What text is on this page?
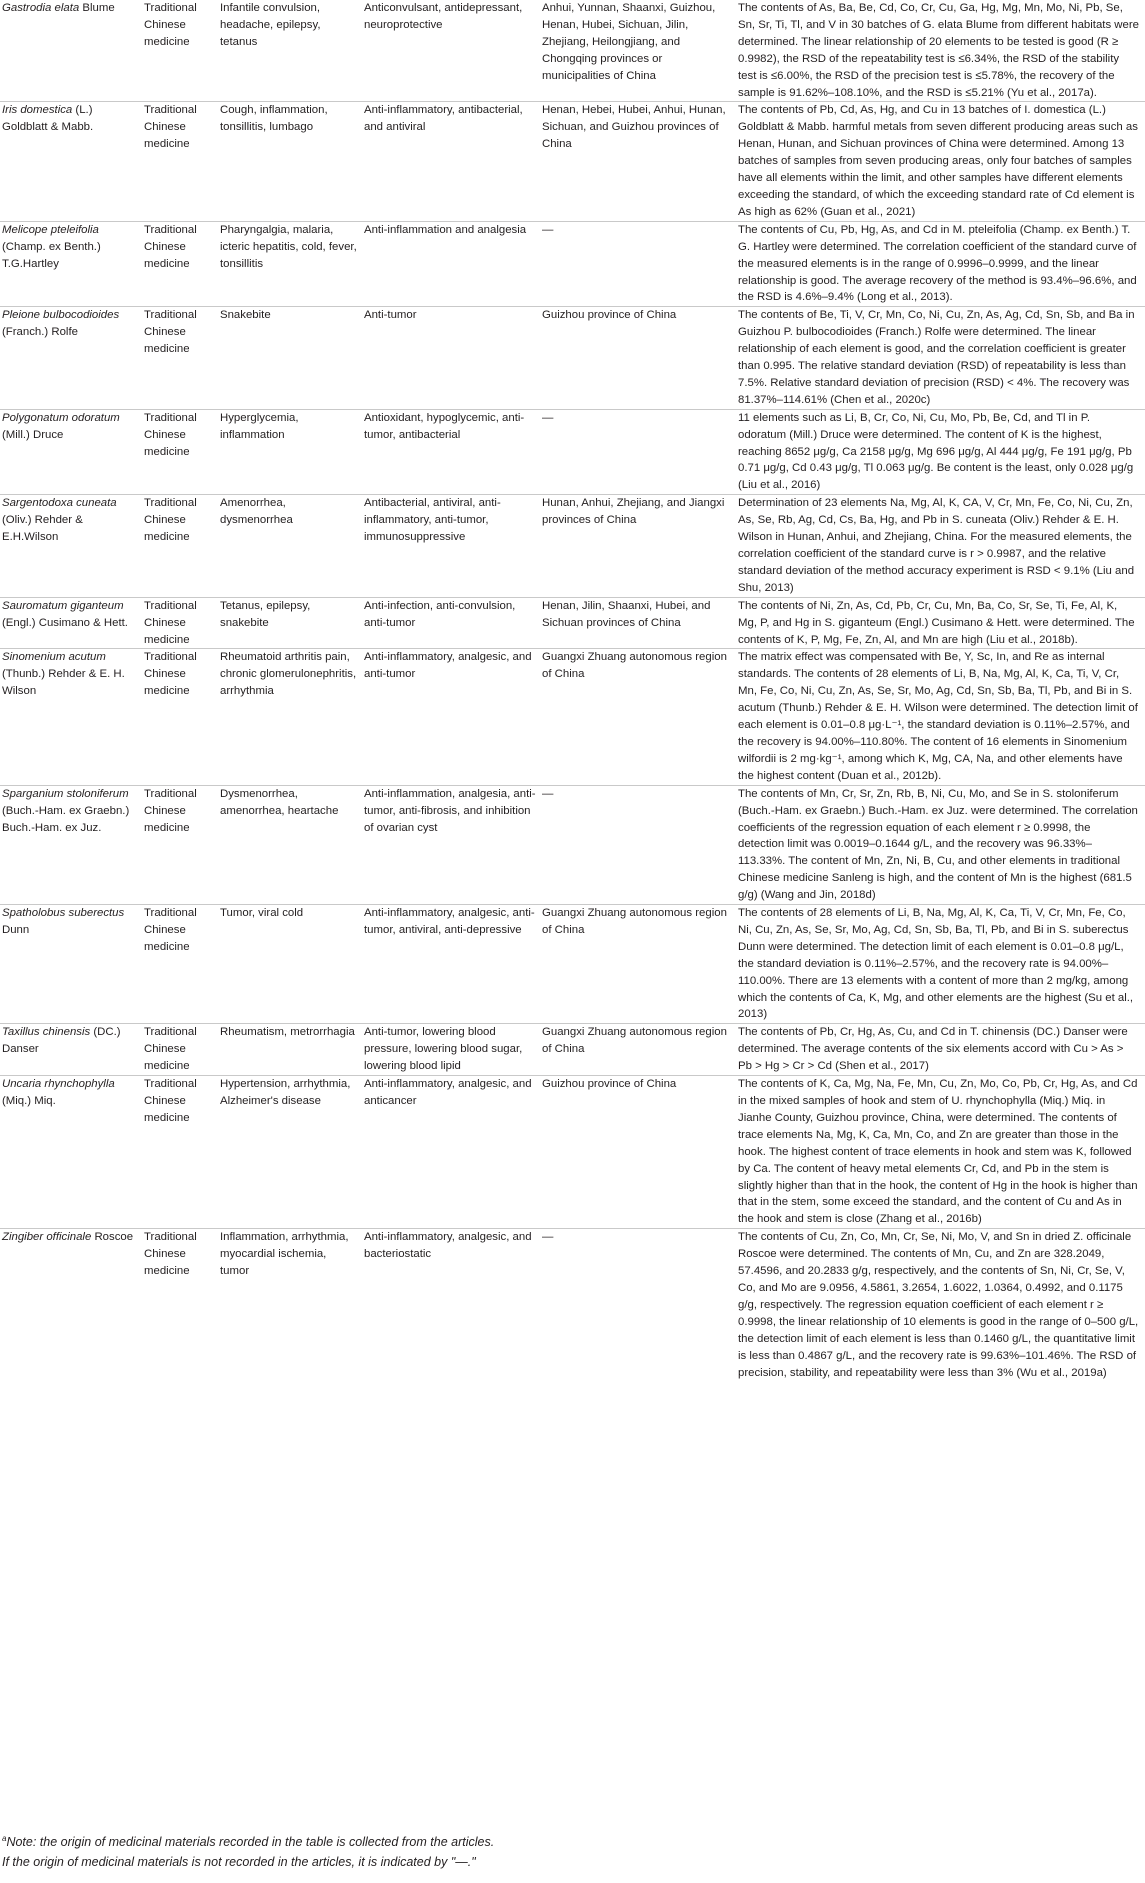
Gastrodia elata Blume	Traditional Chinese medicine	Infantile convulsion, headache, epilepsy, tetanus	Anticonvulsant, antidepressant, neuroprotective	Anhui, Yunnan, Shaanxi, Guizhou, Henan, Hubei, Sichuan, Jilin, Zhejiang, Heilongjiang, and Chongqing provinces or municipalities of China	The contents of As, Ba, Be, Cd, Co, Cr, Cu, Ga, Hg, Mg, Mn, Mo, Ni, Pb, Se, Sn, Sr, Ti, Tl, and V in 30 batches of G. elata Blume from different habitats were determined. The linear relationship of 20 elements to be tested is good (R ≥ 0.9982), the RSD of the repeatability test is ≤6.34%, the RSD of the stability test is ≤6.00%, the RSD of the precision test is ≤5.78%, the recovery of the sample is 91.62%–108.10%, and the RSD is ≤5.21% (Yu et al., 2017a).
Iris domestica (L.) Goldblatt & Mabb.	Traditional Chinese medicine	Cough, inflammation, tonsillitis, lumbago	Anti-inflammatory, antibacterial, and antiviral	Henan, Hebei, Hubei, Anhui, Hunan, Sichuan, and Guizhou provinces of China	The contents of Pb, Cd, As, Hg, and Cu in 13 batches of I. domestica (L.) Goldblatt & Mabb. harmful metals from seven different producing areas such as Henan, Hunan, and Sichuan provinces of China were determined. Among 13 batches of samples from seven producing areas, only four batches of samples have all elements within the limit, and other samples have different elements exceeding the standard, of which the exceeding standard rate of Cd element is As high as 62% (Guan et al., 2021)
Melicope pteleifolia (Champ. ex Benth.) T.G.Hartley	Traditional Chinese medicine	Pharyngalgia, malaria, icteric hepatitis, cold, fever, tonsillitis	Anti-inflammation and analgesia	—	The contents of Cu, Pb, Hg, As, and Cd in M. pteleifolia (Champ. ex Benth.) T. G. Hartley were determined. The correlation coefficient of the standard curve of the measured elements is in the range of 0.9996–0.9999, and the linear relationship is good. The average recovery of the method is 93.4%–96.6%, and the RSD is 4.6%–9.4% (Long et al., 2013).
Pleione bulbocodioides (Franch.) Rolfe	Traditional Chinese medicine	Snakebite	Anti-tumor	Guizhou province of China	The contents of Be, Ti, V, Cr, Mn, Co, Ni, Cu, Zn, As, Ag, Cd, Sn, Sb, and Ba in Guizhou P. bulbocodioides (Franch.) Rolfe were determined. The linear relationship of each element is good, and the correlation coefficient is greater than 0.995. The relative standard deviation (RSD) of repeatability is less than 7.5%. Relative standard deviation of precision (RSD) < 4%. The recovery was 81.37%–114.61% (Chen et al., 2020c)
Polygonatum odoratum (Mill.) Druce	Traditional Chinese medicine	Hyperglycemia, inflammation	Antioxidant, hypoglycemic, anti-tumor, antibacterial	—	11 elements such as Li, B, Cr, Co, Ni, Cu, Mo, Pb, Be, Cd, and Tl in P. odoratum (Mill.) Druce were determined. The content of K is the highest, reaching 8652 μg/g, Ca 2158 μg/g, Mg 696 μg/g, Al 444 μg/g, Fe 191 μg/g, Pb 0.71 μg/g, Cd 0.43 μg/g, Tl 0.063 μg/g. Be content is the least, only 0.028 μg/g (Liu et al., 2016)
Sargentodoxa cuneata (Oliv.) Rehder & E.H.Wilson	Traditional Chinese medicine	Amenorrhea, dysmenorrhea	Antibacterial, antiviral, anti-inflammatory, anti-tumor, immunosuppressive	Hunan, Anhui, Zhejiang, and Jiangxi provinces of China	Determination of 23 elements Na, Mg, Al, K, CA, V, Cr, Mn, Fe, Co, Ni, Cu, Zn, As, Se, Rb, Ag, Cd, Cs, Ba, Hg, and Pb in S. cuneata (Oliv.) Rehder & E. H. Wilson in Hunan, Anhui, and Zhejiang, China. For the measured elements, the correlation coefficient of the standard curve is r > 0.9987, and the relative standard deviation of the method accuracy experiment is RSD < 9.1% (Liu and Shu, 2013)
Sauromatum giganteum (Engl.) Cusimano & Hett.	Traditional Chinese medicine	Tetanus, epilepsy, snakebite	Anti-infection, anti-convulsion, anti-tumor	Henan, Jilin, Shaanxi, Hubei, and Sichuan provinces of China	The contents of Ni, Zn, As, Cd, Pb, Cr, Cu, Mn, Ba, Co, Sr, Se, Ti, Fe, Al, K, Mg, P, and Hg in S. giganteum (Engl.) Cusimano & Hett. were determined. The contents of K, P, Mg, Fe, Zn, Al, and Mn are high (Liu et al., 2018b).
Sinomenium acutum (Thunb.) Rehder & E. H. Wilson	Traditional Chinese medicine	Rheumatoid arthritis pain, chronic glomerulonephritis, arrhythmia	Anti-inflammatory, analgesic, and anti-tumor	Guangxi Zhuang autonomous region of China	The matrix effect was compensated with Be, Y, Sc, In, and Re as internal standards. The contents of 28 elements of Li, B, Na, Mg, Al, K, Ca, Ti, V, Cr, Mn, Fe, Co, Ni, Cu, Zn, As, Se, Sr, Mo, Ag, Cd, Sn, Sb, Ba, Tl, Pb, and Bi in S. acutum (Thunb.) Rehder & E. H. Wilson were determined. The detection limit of each element is 0.01–0.8 μg·L⁻¹, the standard deviation is 0.11%–2.57%, and the recovery is 94.00%–110.80%. The content of 16 elements in Sinomenium wilfordii is 2 mg·kg⁻¹, among which K, Mg, CA, Na, and other elements have the highest content (Duan et al., 2012b).
Sparganium stoloniferum (Buch.-Ham. ex Graebn.) Buch.-Ham. ex Juz.	Traditional Chinese medicine	Dysmenorrhea, amenorrhea, heartache	Anti-inflammation, analgesia, anti-tumor, anti-fibrosis, and inhibition of ovarian cyst	—	The contents of Mn, Cr, Sr, Zn, Rb, B, Ni, Cu, Mo, and Se in S. stoloniferum (Buch.-Ham. ex Graebn.) Buch.-Ham. ex Juz. were determined. The correlation coefficients of the regression equation of each element r ≥ 0.9998, the detection limit was 0.0019–0.1644 g/L, and the recovery was 96.33%–113.33%. The content of Mn, Zn, Ni, B, Cu, and other elements in traditional Chinese medicine Sanleng is high, and the content of Mn is the highest (681.5 g/g) (Wang and Jin, 2018d)
Spatholobus suberectus Dunn	Traditional Chinese medicine	Tumor, viral cold	Anti-inflammatory, analgesic, anti-tumor, antiviral, anti-depressive	Guangxi Zhuang autonomous region of China	The contents of 28 elements of Li, B, Na, Mg, Al, K, Ca, Ti, V, Cr, Mn, Fe, Co, Ni, Cu, Zn, As, Se, Sr, Mo, Ag, Cd, Sn, Sb, Ba, Tl, Pb, and Bi in S. suberectus Dunn were determined. The detection limit of each element is 0.01–0.8 μg/L, the standard deviation is 0.11%–2.57%, and the recovery rate is 94.00%–110.00%. There are 13 elements with a content of more than 2 mg/kg, among which the contents of Ca, K, Mg, and other elements are the highest (Su et al., 2013)
Taxillus chinensis (DC.) Danser	Traditional Chinese medicine	Rheumatism, metrorrhagia	Anti-tumor, lowering blood pressure, lowering blood sugar, lowering blood lipid	Guangxi Zhuang autonomous region of China	The contents of Pb, Cr, Hg, As, Cu, and Cd in T. chinensis (DC.) Danser were determined. The average contents of the six elements accord with Cu > As > Pb > Hg > Cr > Cd (Shen et al., 2017)
Uncaria rhynchophylla (Miq.) Miq.	Traditional Chinese medicine	Hypertension, arrhythmia, Alzheimer's disease	Anti-inflammatory, analgesic, and anticancer	Guizhou province of China	The contents of K, Ca, Mg, Na, Fe, Mn, Cu, Zn, Mo, Co, Pb, Cr, Hg, As, and Cd in the mixed samples of hook and stem of U. rhynchophylla (Miq.) Miq. in Jianhe County, Guizhou province, China, were determined. The contents of trace elements Na, Mg, K, Ca, Mn, Co, and Zn are greater than those in the hook. The highest content of trace elements in hook and stem was K, followed by Ca. The content of heavy metal elements Cr, Cd, and Pb in the stem is slightly higher than that in the hook, the content of Hg in the hook is higher than that in the stem, some exceed the standard, and the content of Cu and As in the hook and stem is close (Zhang et al., 2016b)
Zingiber officinale Roscoe	Traditional Chinese medicine	Inflammation, arrhythmia, myocardial ischemia, tumor	Anti-inflammatory, analgesic, and bacteriostatic	—	The contents of Cu, Zn, Co, Mn, Cr, Se, Ni, Mo, V, and Sn in dried Z. officinale Roscoe were determined. The contents of Mn, Cu, and Zn are 328.2049, 57.4596, and 20.2833 g/g, respectively, and the contents of Sn, Ni, Cr, Se, V, Co, and Mo are 9.0956, 4.5861, 3.2654, 1.6022, 1.0364, 0.4992, and 0.1175 g/g, respectively. The regression equation coefficient of each element r ≥ 0.9998, the linear relationship of 10 elements is good in the range of 0–500 g/L, the detection limit of each element is less than 0.1460 g/L, the quantitative limit is less than 0.4867 g/L, and the recovery rate is 99.63%–101.46%. The RSD of precision, stability, and repeatability were less than 3% (Wu et al., 2019a)
$^a$Note: the origin of medicinal materials recorded in the table is collected from the articles.
If the origin of medicinal materials is not recorded in the articles, it is indicated by "—."
